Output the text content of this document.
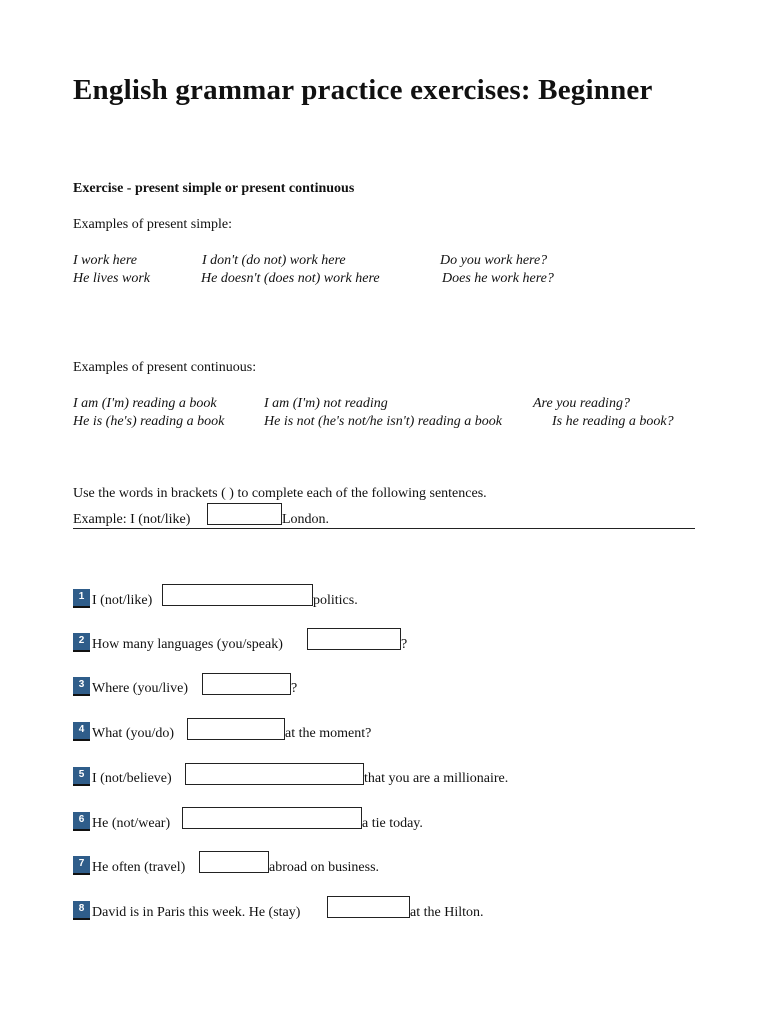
English grammar practice exercises: Beginner
Exercise - present simple or present continuous
Examples of present simple:
I work here	I don't (do not) work here	Do you work here?
He lives work	He doesn't (does not) work here	Does he work here?
Examples of present continuous:
I am (I'm) reading a book	I am (I'm) not reading	Are you reading?
He is (he's) reading a book	He is not (he's not/he isn't) reading a book	Is he reading a book?
Use the words in brackets ( ) to complete each of the following sentences.
Example: I (not/like)	London.
1 I (not/like)	politics.
2 How many languages (you/speak)	?
3 Where (you/live)	?
4 What (you/do)	at the moment?
5 I (not/believe)	that you are a millionaire.
6 He (not/wear)	a tie today.
7 He often (travel)	abroad on business.
8 David is in Paris this week. He (stay)	at the Hilton.
